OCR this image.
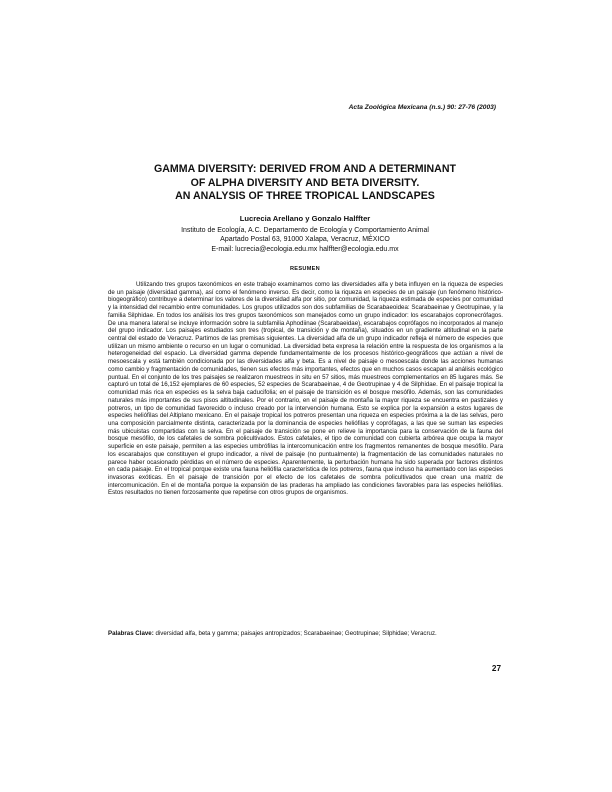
Acta Zoológica Mexicana (n.s.) 90: 27-76 (2003)
GAMMA DIVERSITY: DERIVED FROM AND A DETERMINANT
OF ALPHA DIVERSITY AND BETA DIVERSITY.
AN ANALYSIS OF THREE TROPICAL LANDSCAPES
Lucrecia Arellano y Gonzalo Halffter
Instituto de Ecología, A.C. Departamento de Ecología y Comportamiento Animal
Apartado Postal 63, 91000 Xalapa, Veracruz, MÉXICO
E-mail: lucrecia@ecologia.edu.mx halffter@ecologia.edu.mx
RESUMEN
Utilizando tres grupos taxonómicos en este trabajo examinamos como las diversidades alfa y beta influyen en la riqueza de especies de un paisaje (diversidad gamma), así como el fenómeno inverso. Es decir, como la riqueza en especies de un paisaje (un fenómeno histórico-biogeográfico) contribuye a determinar los valores de la diversidad alfa por sitio, por comunidad, la riqueza estimada de especies por comunidad y la intensidad del recambio entre comunidades. Los grupos utilizados son dos subfamilias de Scarabaeoidea: Scarabaeinae y Geotrupinae, y la familia Silphidae. En todos los análisis los tres grupos taxonómicos son manejados como un grupo indicador: los escarabajos copronecrófagos. De una manera lateral se incluye información sobre la subfamilia Aphodiinae (Scarabaeidae), escarabajos coprófagos no incorporados al manejo del grupo indicador. Los paisajes estudiados son tres (tropical, de transición y de montaña), situados en un gradiente altitudinal en la parte central del estado de Veracruz. Partimos de las premisas siguientes. La diversidad alfa de un grupo indicador refleja el número de especies que utilizan un mismo ambiente o recurso en un lugar o comunidad. La diversidad beta expresa la relación entre la respuesta de los organismos a la heterogeneidad del espacio. La diversidad gamma depende fundamentalmente de los procesos histórico-geográficos que actúan a nivel de mesoescala y está también condicionada por las diversidades alfa y beta. Es a nivel de paisaje o mesoescala donde las acciones humanas como cambio y fragmentación de comunidades, tienen sus efectos más importantes, efectos que en muchos casos escapan al análisis ecológico puntual. En el conjunto de los tres paisajes se realizaron muestreos in situ en 57 sitios, más muestreos complementarios en 85 lugares más. Se capturó un total de 16,152 ejemplares de 60 especies, 52 especies de Scarabaeinae, 4 de Geotrupinae y 4 de Silphidae. En el paisaje tropical la comunidad más rica en especies es la selva baja caducifolia; en el paisaje de transición es el bosque mesófilo. Además, son las comunidades naturales más importantes de sus pisos altitudinales. Por el contrario, en el paisaje de montaña la mayor riqueza se encuentra en pastizales y potreros, un tipo de comunidad favorecido o incluso creado por la intervención humana. Esto se explica por la expansión a estos lugares de especies heliófilas del Altiplano mexicano. En el paisaje tropical los potreros presentan una riqueza en especies próxima a la de las selvas, pero una composición parcialmente distinta, caracterizada por la dominancia de especies heliófilas y coprófagas, a las que se suman las especies más ubicuistas compartidas con la selva. En el paisaje de transición se pone en relieve la importancia para la conservación de la fauna del bosque mesófilo, de los cafetales de sombra policultivados. Estos cafetales, el tipo de comunidad con cubierta arbórea que ocupa la mayor superficie en este paisaje, permiten a las especies umbrófilas la intercomunicación entre los fragmentos remanentes de bosque mesófilo. Para los escarabajos que constituyen el grupo indicador, a nivel de paisaje (no puntualmente) la fragmentación de las comunidades naturales no parece haber ocasionado pérdidas en el número de especies. Aparentemente, la perturbación humana ha sido superada por factores distintos en cada paisaje. En el tropical porque existe una fauna heliófila característica de los potreros, fauna que incluso ha aumentado con las especies invasoras exóticas. En el paisaje de transición por el efecto de los cafetales de sombra policultivados que crean una matriz de intercomunicación. En el de montaña porque la expansión de las praderas ha ampliado las condiciones favorables para las especies heliófilas. Estos resultados no tienen forzosamente que repetirse con otros grupos de organismos.
Palabras Clave: diversidad alfa, beta y gamma; paisajes antropizados; Scarabaeinae; Geotrupinae; Silphidae; Veracruz.
27
